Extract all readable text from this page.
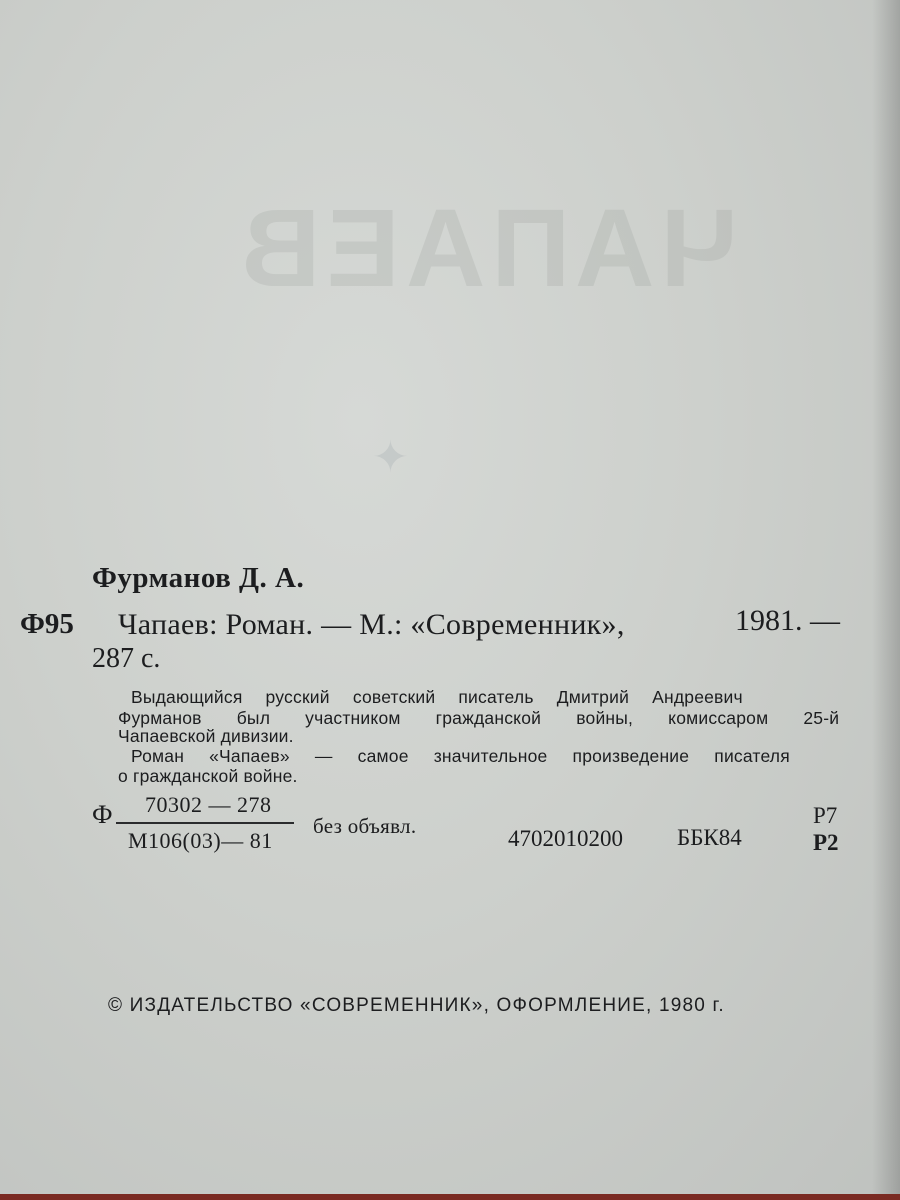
ЧАПАЕВ
✦
Фурманов Д. А.
Ф95 Чапаев: Роман. — М.: «Современник»,	1981. —
287 с.
Выдающийся русский советский писатель Дмитрий Андреевич
Фурманов был участником гражданской войны, комиссаром 25-й
Чапаевской дивизии.
Роман «Чапаев» — самое значительное произведение писателя
о гражданской войне.
Ф 70302 — 278
М106(03)— 81
без объявл.	4702010200 ББК84
Р7
Р2
© ИЗДАТЕЛЬСТВО «СОВРЕМЕННИК», ОФОРМЛЕНИЕ, 1980 г.
